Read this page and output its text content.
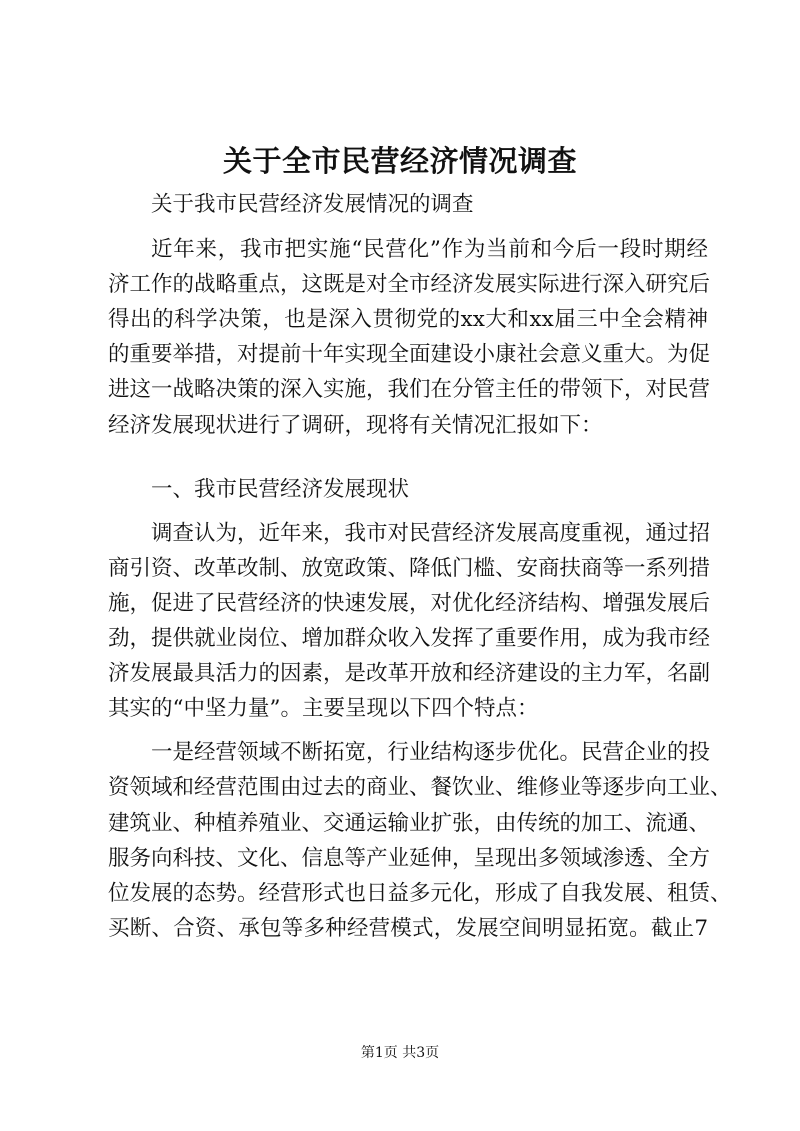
关于全市民营经济情况调查
关于我市民营经济发展情况的调查
近年来，我市把实施“民营化”作为当前和今后一段时期经
济工作的战略重点，这既是对全市经济发展实际进行深入研究后
得出的科学决策，也是深入贯彻党的xx大和xx届三中全会精神
的重要举措，对提前十年实现全面建设小康社会意义重大。为促
进这一战略决策的深入实施，我们在分管主任的带领下，对民营
经济发展现状进行了调研，现将有关情况汇报如下：
一、我市民营经济发展现状
调查认为，近年来，我市对民营经济发展高度重视，通过招
商引资、改革改制、放宽政策、降低门槛、安商扶商等一系列措
施，促进了民营经济的快速发展，对优化经济结构、增强发展后
劲，提供就业岗位、增加群众收入发挥了重要作用，成为我市经
济发展最具活力的因素，是改革开放和经济建设的主力军，名副
其实的“中坚力量”。主要呈现以下四个特点：
一是经营领域不断拓宽，行业结构逐步优化。民营企业的投
资领域和经营范围由过去的商业、餐饮业、维修业等逐步向工业、
建筑业、种植养殖业、交通运输业扩张，由传统的加工、流通、
服务向科技、文化、信息等产业延伸，呈现出多领域渗透、全方
位发展的态势。经营形式也日益多元化，形成了自我发展、租赁、
买断、合资、承包等多种经营模式，发展空间明显拓宽。截止7
第1页 共3页
